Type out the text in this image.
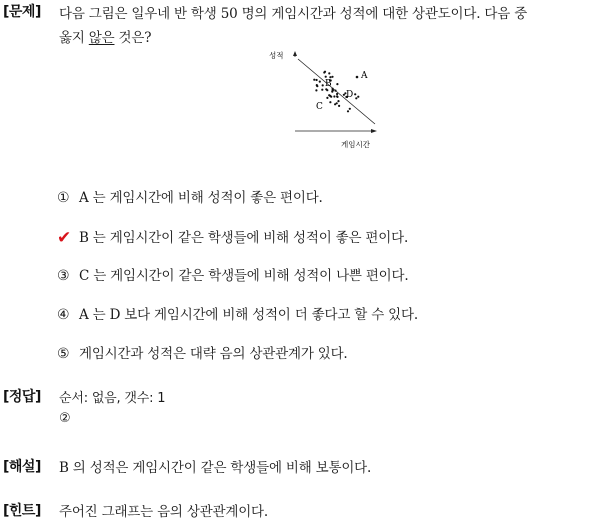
[문제] 다음 그림은 일우네 반 학생 50 명의 게임시간과 성적에 대한 상관도이다. 다음 중
옳지 않은 것은?
성적
게임시간
A
B
C
D
① A 는 게임시간에 비해 성적이 좋은 편이다.
✔ B 는 게임시간이 같은 학생들에 비해 성적이 좋은 편이다.
③ C 는 게임시간이 같은 학생들에 비해 성적이 나쁜 편이다.
④ A 는 D 보다 게임시간에 비해 성적이 더 좋다고 할 수 있다.
⑤ 게임시간과 성적은 대략 음의 상관관계가 있다.
[정답] 순서: 없음, 갯수: 1
②
[해설] B 의 성적은 게임시간이 같은 학생들에 비해 보통이다.
[힌트] 주어진 그래프는 음의 상관관계이다.
